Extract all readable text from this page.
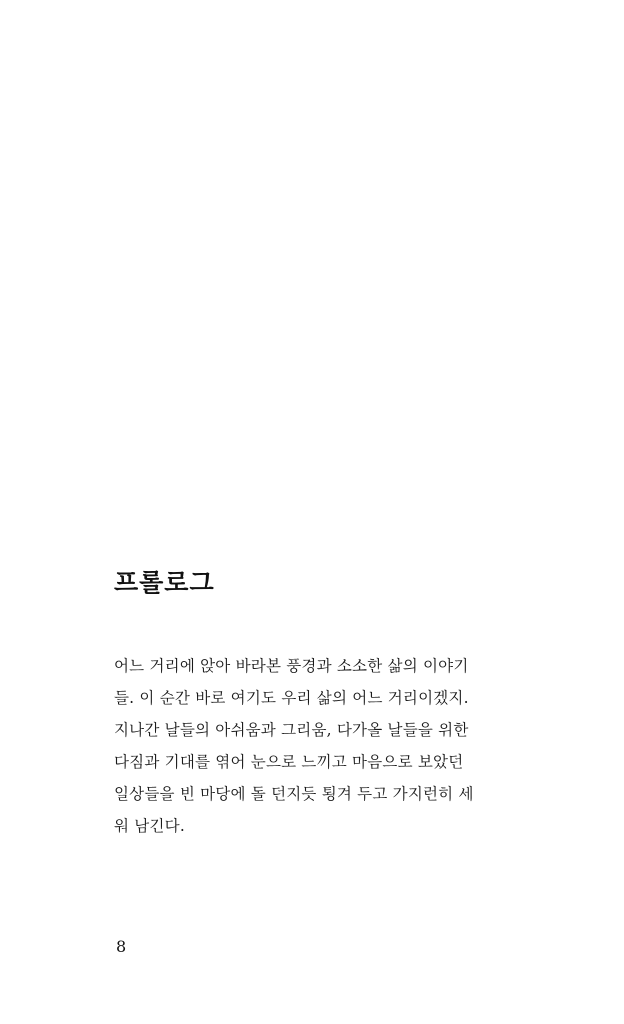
프롤로그
어느 거리에 앉아 바라본 풍경과 소소한 삶의 이야기
들. 이 순간 바로 여기도 우리 삶의 어느 거리이겠지.
지나간 날들의 아쉬움과 그리움, 다가올 날들을 위한
다짐과 기대를 엮어 눈으로 느끼고 마음으로 보았던
일상들을 빈 마당에 돌 던지듯 툉겨 두고 가지런히 세
워 남긴다.

8
